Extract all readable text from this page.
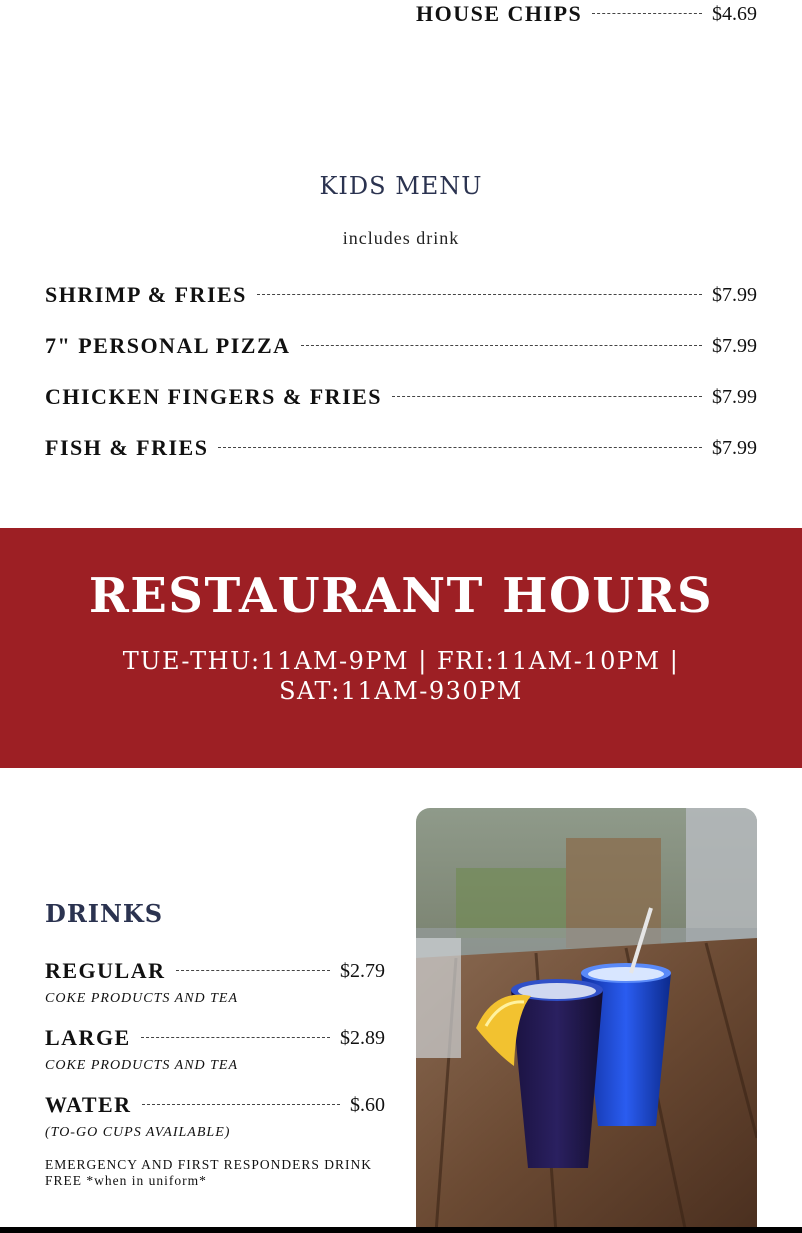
HOUSE CHIPS	$4.69
KIDS MENU
includes drink
SHRIMP & FRIES	$7.99
7" PERSONAL PIZZA	$7.99
CHICKEN FINGERS & FRIES	$7.99
FISH & FRIES	$7.99
RESTAURANT HOURS
TUE-THU:11AM-9PM | FRI:11AM-10PM | SAT:11AM-930PM
DRINKS
REGULAR	$2.79
COKE PRODUCTS AND TEA
LARGE	$2.89
COKE PRODUCTS AND TEA
WATER	$.60
(TO-GO CUPS AVAILABLE)
EMERGENCY AND FIRST RESPONDERS DRINK FREE *when in uniform*
